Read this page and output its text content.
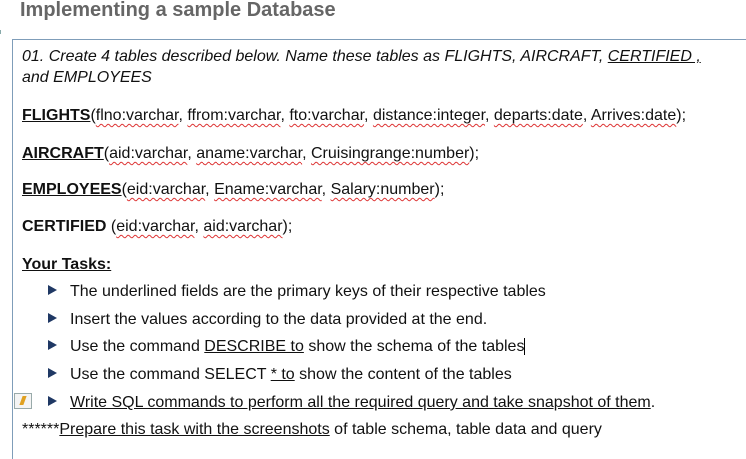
Implementing a sample Database
01. Create 4 tables described below. Name these tables as FLIGHTS, AIRCRAFT, CERTIFIED , and EMPLOYEES
FLIGHTS(flno:varchar, ffrom:varchar, fto:varchar, distance:integer, departs:date, Arrives:date);
AIRCRAFT(aid:varchar, aname:varchar, Cruisingrange:number);
EMPLOYEES(eid:varchar, Ename:varchar, Salary:number);
CERTIFIED (eid:varchar, aid:varchar);
Your Tasks:
The underlined fields are the primary keys of their respective tables
Insert the values according to the data provided at the end.
Use the command DESCRIBE to show the schema of the tables
Use the command SELECT * to show the content of the tables
Write SQL commands to perform all the required query and take snapshot of them.
******Prepare this task with the screenshots of table schema, table data and query
